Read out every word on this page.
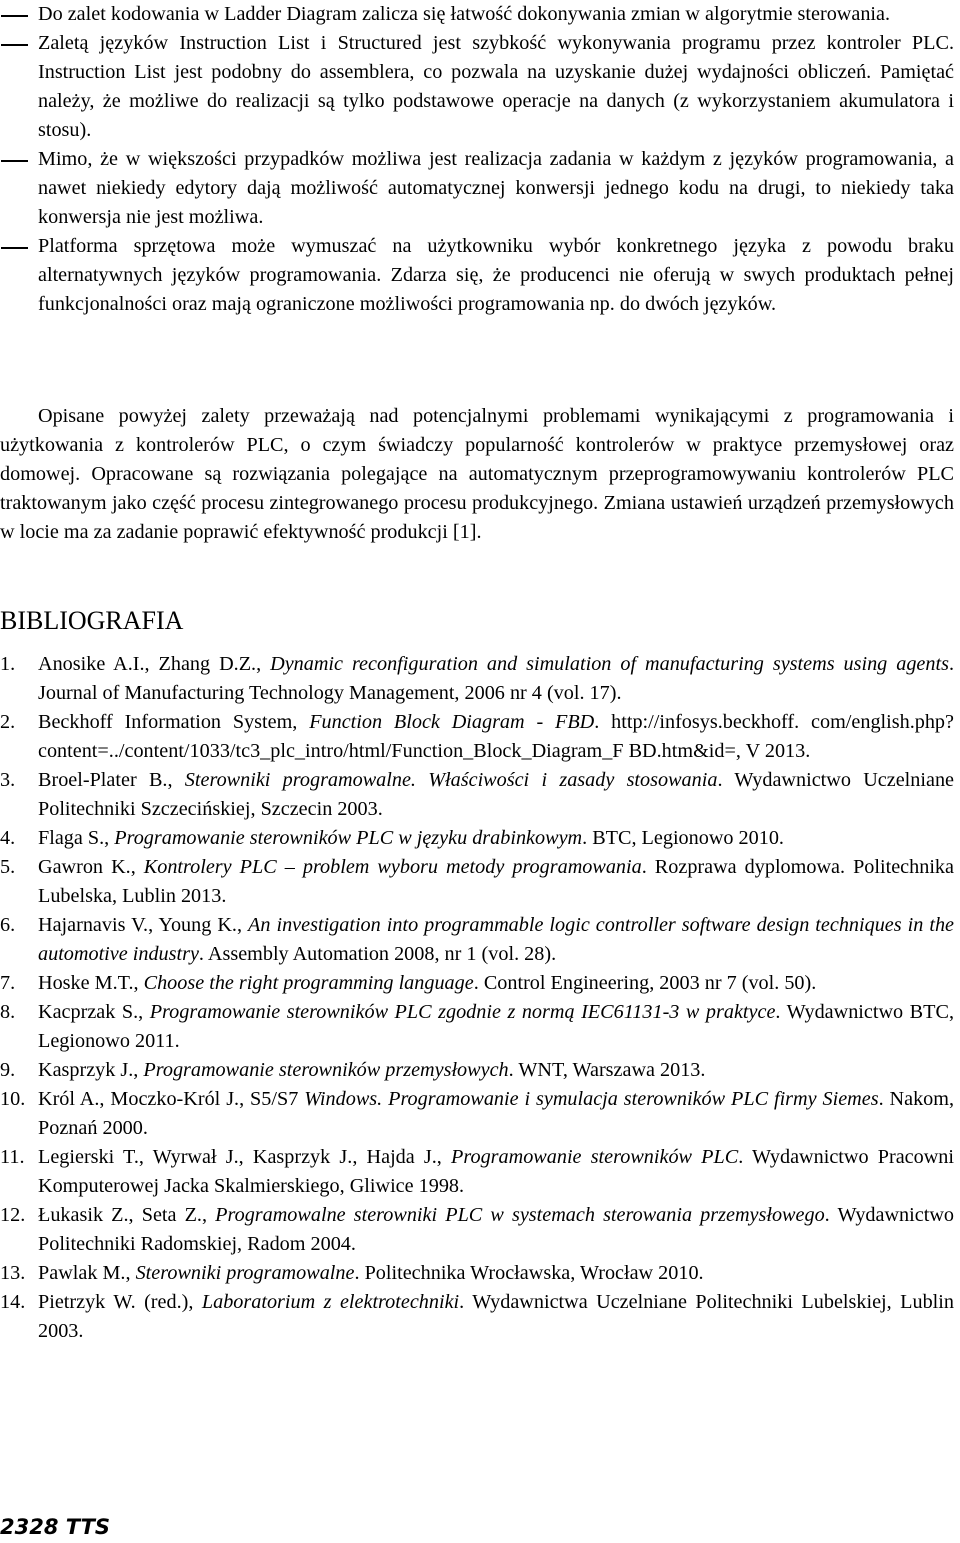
Do zalet kodowania w Ladder Diagram zalicza się łatwość dokonywania zmian w algorytmie sterowania.
Zaletą języków Instruction List i Structured jest szybkość wykonywania programu przez kontroler PLC. Instruction List jest podobny do assemblera, co pozwala na uzyskanie dużej wydajności obliczeń. Pamiętać należy, że możliwe do realizacji są tylko podstawowe operacje na danych (z wykorzystaniem akumulatora i stosu).
Mimo, że w większości przypadków możliwa jest realizacja zadania w każdym z języków programowania, a nawet niekiedy edytory dają możliwość automatycznej konwersji jednego kodu na drugi, to niekiedy taka konwersja nie jest możliwa.
Platforma sprzętowa może wymuszać na użytkowniku wybór konkretnego języka z powodu braku alternatywnych języków programowania. Zdarza się, że producenci nie oferują w swych produktach pełnej funkcjonalności oraz mają ograniczone możliwości programowania np. do dwóch języków.

Opisane powyżej zalety przeważają nad potencjalnymi problemami wynikającymi z programowania i użytkowania z kontrolerów PLC, o czym świadczy popularność kontrolerów w praktyce przemysłowej oraz domowej. Opracowane są rozwiązania polegające na automatycznym przeprogramowywaniu kontrolerów PLC traktowanym jako część procesu zintegrowanego procesu produkcyjnego. Zmiana ustawień urządzeń przemysłowych w locie ma za zadanie poprawić efektywność produkcji [1].

BIBLIOGRAFIA
1. Anosike A.I., Zhang D.Z., Dynamic reconfiguration and simulation of manufacturing systems using agents. Journal of Manufacturing Technology Management, 2006 nr 4 (vol. 17).
2. Beckhoff Information System, Function Block Diagram - FBD. http://infosys.beckhoff. com/english.php?content=../content/1033/tc3_plc_intro/html/Function_Block_Diagram_F BD.htm&id=, V 2013.
3. Broel-Plater B., Sterowniki programowalne. Właściwości i zasady stosowania. Wydawnictwo Uczelniane Politechniki Szczecińskiej, Szczecin 2003.
4. Flaga S., Programowanie sterowników PLC w języku drabinkowym. BTC, Legionowo 2010.
5. Gawron K., Kontrolery PLC – problem wyboru metody programowania. Rozprawa dyplomowa. Politechnika Lubelska, Lublin 2013.
6. Hajarnavis V., Young K., An investigation into programmable logic controller software design techniques in the automotive industry. Assembly Automation 2008, nr 1 (vol. 28).
7. Hoske M.T., Choose the right programming language. Control Engineering, 2003 nr 7 (vol. 50).
8. Kacprzak S., Programowanie sterowników PLC zgodnie z normą IEC61131-3 w praktyce. Wydawnictwo BTC, Legionowo 2011.
9. Kasprzyk J., Programowanie sterowników przemysłowych. WNT, Warszawa 2013.
10. Król A., Moczko-Król J., S5/S7 Windows. Programowanie i symulacja sterowników PLC firmy Siemes. Nakom, Poznań 2000.
11. Legierski T., Wyrwał J., Kasprzyk J., Hajda J., Programowanie sterowników PLC. Wydawnictwo Pracowni Komputerowej Jacka Skalmierskiego, Gliwice 1998.
12. Łukasik Z., Seta Z., Programowalne sterowniki PLC w systemach sterowania przemysłowego. Wydawnictwo Politechniki Radomskiej, Radom 2004.
13. Pawlak M., Sterowniki programowalne. Politechnika Wrocławska, Wrocław 2010.
14. Pietrzyk W. (red.), Laboratorium z elektrotechniki. Wydawnictwa Uczelniane Politechniki Lubelskiej, Lublin 2003.
2328 TTS
